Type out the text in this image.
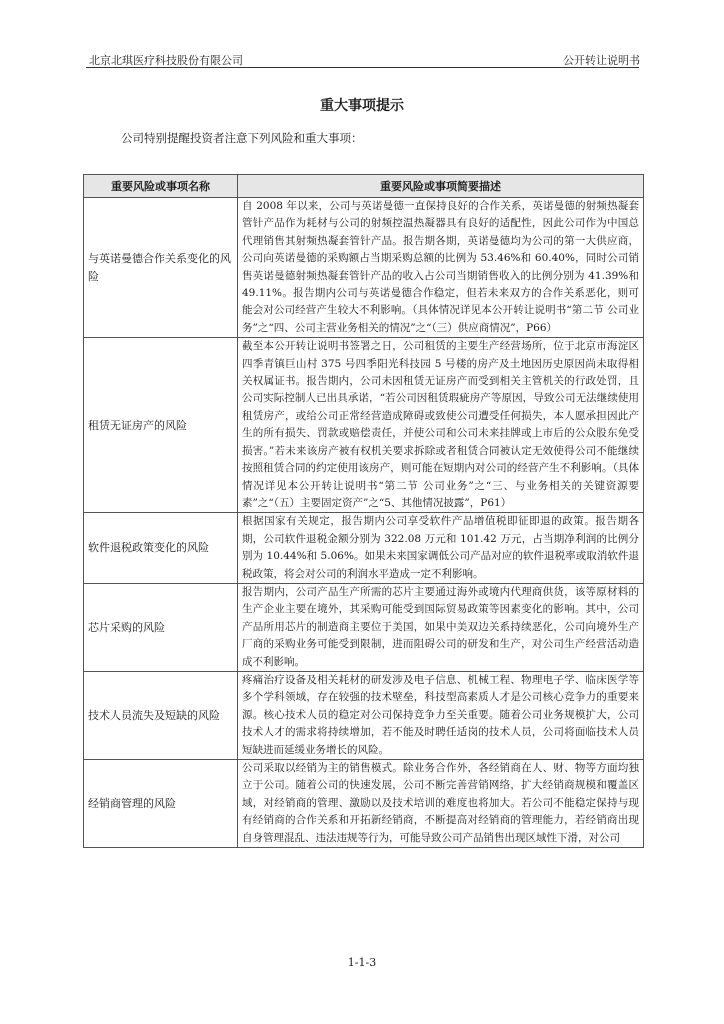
北京北琪医疗科技股份有限公司	公开转让说明书
重大事项提示
公司特别提醒投资者注意下列风险和重大事项：
重要风险或事项名称	重要风险或事项简要描述
与英诺曼德合作关系变化的风险	自 2008 年以来，公司与英诺曼德一直保持良好的合作关系，英诺曼德的射频热凝套管针产品作为耗材与公司的射频控温热凝器具有良好的适配性，因此公司作为中国总代理销售其射频热凝套管针产品。报告期各期，英诺曼德均为公司的第一大供应商，公司向英诺曼德的采购额占当期采购总额的比例为 53.46%和 60.40%，同时公司销售英诺曼德射频热凝套管针产品的收入占公司当期销售收入的比例分别为 41.39%和 49.11%。报告期内公司与英诺曼德合作稳定，但若未来双方的合作关系恶化，则可能会对公司经营产生较大不利影响。（具体情况详见本公开转让说明书“第二节 公司业务”之“四、公司主营业务相关的情况”之“（三）供应商情况”，P66）
租赁无证房产的风险	截至本公开转让说明书签署之日，公司租赁的主要生产经营场所，位于北京市海淀区四季青镇巨山村 375 号四季阳光科技园 5 号楼的房产及土地因历史原因尚未取得相关权属证书。报告期内，公司未因租赁无证房产而受到相关主管机关的行政处罚，且公司实际控制人已出具承诺，“若公司因租赁瑕疵房产等原因，导致公司无法继续使用租赁房产，或给公司正常经营造成障碍或致使公司遭受任何损失，本人愿承担因此产生的所有损失、罚款或赔偿责任，并使公司和公司未来挂牌或上市后的公众股东免受损害。”若未来该房产被有权机关要求拆除或者租赁合同被认定无效使得公司不能继续按照租赁合同的约定使用该房产，则可能在短期内对公司的经营产生不利影响。（具体情况详见本公开转让说明书“第二节 公司业务”之“三、与业务相关的关键资源要素”之“（五）主要固定资产”之“5、其他情况披露”，P61）
软件退税政策变化的风险	根据国家有关规定，报告期内公司享受软件产品增值税即征即退的政策。报告期各期，公司软件退税金额分别为 322.08 万元和 101.42 万元，占当期净利润的比例分别为 10.44%和 5.06%。如果未来国家调低公司产品对应的软件退税率或取消软件退税政策，将会对公司的利润水平造成一定不利影响。
芯片采购的风险	报告期内，公司产品生产所需的芯片主要通过海外或境内代理商供货，该等原材料的生产企业主要在境外，其采购可能受到国际贸易政策等因素变化的影响。其中，公司产品所用芯片的制造商主要位于美国，如果中美双边关系持续恶化，公司向境外生产厂商的采购业务可能受到限制，进而阻碍公司的研发和生产，对公司生产经营活动造成不利影响。
技术人员流失及短缺的风险	疼痛治疗设备及相关耗材的研发涉及电子信息、机械工程、物理电子学、临床医学等多个学科领域，存在较强的技术壁垒，科技型高素质人才是公司核心竞争力的重要来源。核心技术人员的稳定对公司保持竞争力至关重要。随着公司业务规模扩大，公司技术人才的需求将持续增加，若不能及时聘任适岗的技术人员，公司将面临技术人员短缺进而延缓业务增长的风险。
经销商管理的风险	公司采取以经销为主的销售模式。除业务合作外，各经销商在人、财、物等方面均独立于公司。随着公司的快速发展，公司不断完善营销网络，扩大经销商规模和覆盖区域，对经销商的管理、激励以及技术培训的难度也将加大。若公司不能稳定保持与现有经销商的合作关系和开拓新经销商，不断提高对经销商的管理能力，若经销商出现自身管理混乱、违法违规等行为，可能导致公司产品销售出现区域性下滑，对公司
1-1-3
